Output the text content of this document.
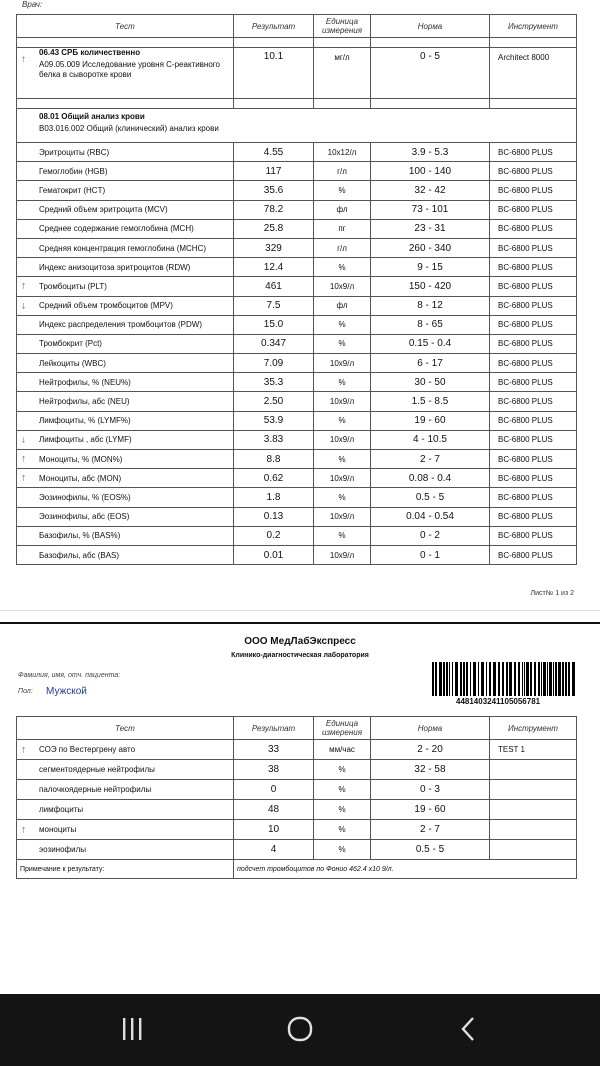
Врач:
Тест	Результат	Единица измерения	Норма	Инструмент

↑
06.43 СРБ количественно
А09.05.009 Исследование уровня С-реактивного белка в сыворотке крови	10.1	мг/л	0 - 5	Architect 8000

08.01 Общий анализ крови
В03.016.002 Общий (клинический) анализ крови				

Эритроциты (RBC)	4.55	10x12/л	3.9 - 5.3	BC-6800 PLUS

Гемоглобин (HGB)	117	г/л	100 - 140	BC-6800 PLUS

Гематокрит (HCT)	35.6	%	32 - 42	BC-6800 PLUS

Средний объем эритроцита (MCV)	78.2	фл	73 - 101	BC-6800 PLUS

Среднее содержание гемоглобина (MCH)	25.8	пг	23 - 31	BC-6800 PLUS

Средняя концентрация гемоглобина (MCHC)	329	г/л	260 - 340	BC-6800 PLUS

Индекс анизоцитоза эритроцитов (RDW)	12.4	%	9 - 15	BC-6800 PLUS

↑ Тромбоциты (PLT)	461	10x9/л	150 - 420	BC-6800 PLUS

↓ Средний объем тромбоцитов (MPV)	7.5	фл	8 - 12	BC-6800 PLUS

Индекс распределения тромбоцитов (PDW)	15.0	%	8 - 65	BC-6800 PLUS

Тромбокрит (Pct)	0.347	%	0.15 - 0.4	BC-6800 PLUS

Лейкоциты (WBC)	7.09	10x9/л	6 - 17	BC-6800 PLUS

Нейтрофилы, % (NEU%)	35.3	%	30 - 50	BC-6800 PLUS

Нейтрофилы, абс (NEU)	2.50	10x9/л	1.5 - 8.5	BC-6800 PLUS

Лимфоциты, % (LYMF%)	53.9	%	19 - 60	BC-6800 PLUS

↓ Лимфоциты , абс (LYMF)	3.83	10x9/л	4 - 10.5	BC-6800 PLUS

↑ Моноциты, % (MON%)	8.8	%	2 - 7	BC-6800 PLUS

↑ Моноциты, абс (MON)	0.62	10x9/л	0.08 - 0.4	BC-6800 PLUS

Эозинофилы, % (EOS%)	1.8	%	0.5 - 5	BC-6800 PLUS

Эозинофилы, абс (EOS)	0.13	10x9/л	0.04 - 0.54	BC-6800 PLUS

Базофилы, % (BAS%)	0.2	%	0 - 2	BC-6800 PLUS

Базофилы, абс (BAS)	0.01	10x9/л	0 - 1	BC-6800 PLUS
Лист№ 1 из 2
ООО МедЛабЭкспресс
Клинико-диагностическая лаборатория
Фамилия, имя, отч. пациента:
Пол: Мужской
4481403241105056781
Тест	Результат	Единица измерения	Норма	Инструмент

↑ СОЭ по Вестергрену авто	33	мм/час	2 - 20	TEST 1

сегментоядерные нейтрофилы	38	%	32 - 58	

палочкоядерные нейтрофилы	0	%	0 - 3	

лимфоциты	48	%	19 - 60	

↑ моноциты	10	%	2 - 7	

эозинофилы	4	%	0.5 - 5	
Примечание к результату:	подсчет тромбоцитов по Фонио 462.4 x10 9/л.			
